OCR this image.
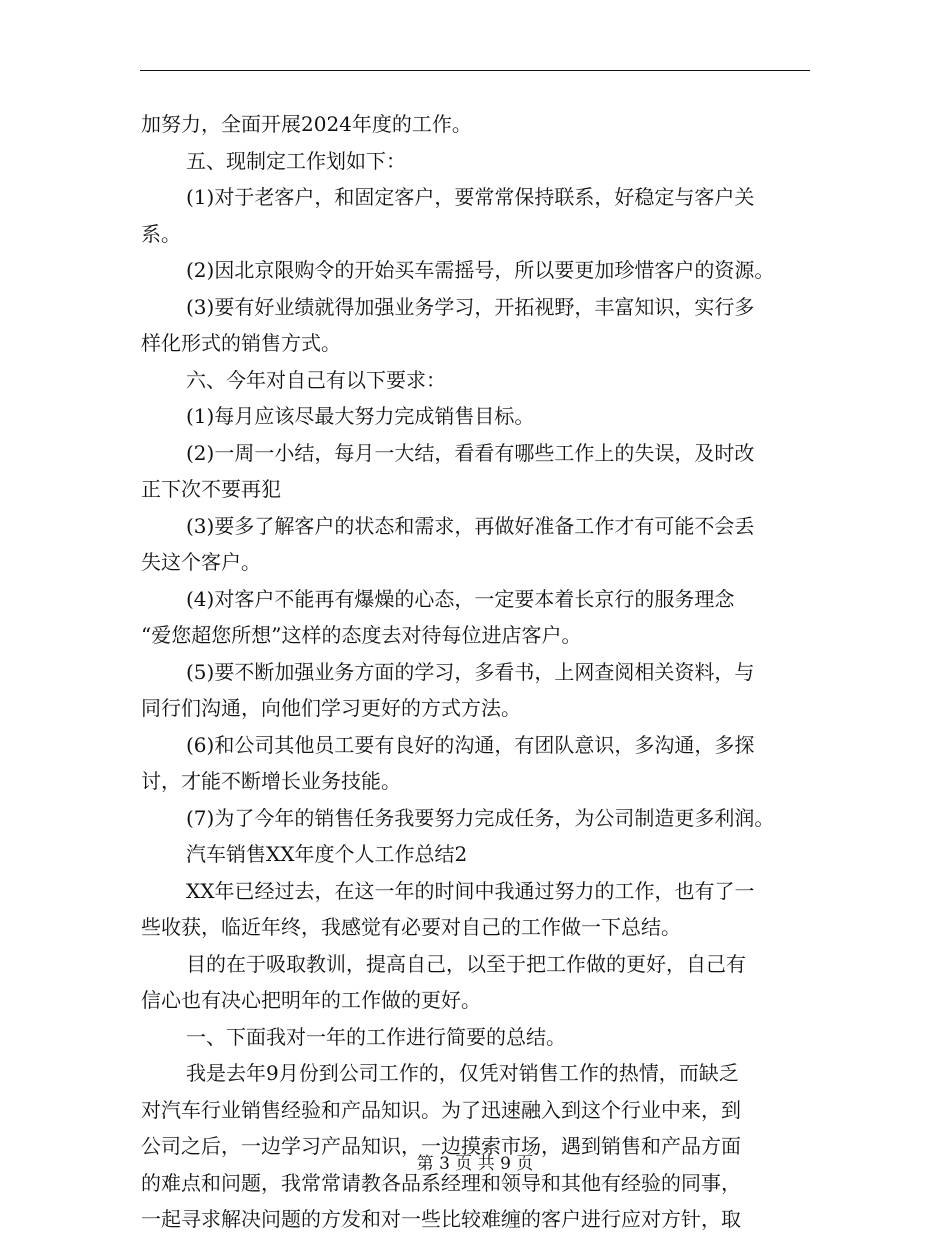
加努力，全面开展2024年度的工作。
五、现制定工作划如下：
(1)对于老客户，和固定客户，要常常保持联系，好稳定与客户关
系。
(2)因北京限购令的开始买车需摇号，所以要更加珍惜客户的资源。
(3)要有好业绩就得加强业务学习，开拓视野，丰富知识，实行多
样化形式的销售方式。
六、今年对自己有以下要求：
(1)每月应该尽最大努力完成销售目标。
(2)一周一小结，每月一大结，看看有哪些工作上的失误，及时改
正下次不要再犯
(3)要多了解客户的状态和需求，再做好准备工作才有可能不会丢
失这个客户。
(4)对客户不能再有爆燥的心态，一定要本着长京行的服务理念
“爱您超您所想”这样的态度去对待每位进店客户。
(5)要不断加强业务方面的学习，多看书，上网查阅相关资料，与
同行们沟通，向他们学习更好的方式方法。
(6)和公司其他员工要有良好的沟通，有团队意识，多沟通，多探
讨，才能不断增长业务技能。
(7)为了今年的销售任务我要努力完成任务，为公司制造更多利润。
汽车销售XX年度个人工作总结2
XX年已经过去，在这一年的时间中我通过努力的工作，也有了一
些收获，临近年终，我感觉有必要对自己的工作做一下总结。
目的在于吸取教训，提高自己，以至于把工作做的更好，自己有
信心也有决心把明年的工作做的更好。
一、下面我对一年的工作进行简要的总结。
我是去年9月份到公司工作的，仅凭对销售工作的热情，而缺乏
对汽车行业销售经验和产品知识。为了迅速融入到这个行业中来，到
公司之后，一边学习产品知识，一边摸索市场，遇到销售和产品方面
的难点和问题，我常常请教各品系经理和领导和其他有经验的同事，
一起寻求解决问题的方发和对一些比较难缠的客户进行应对方针，取
第 3 页 共 9 页
